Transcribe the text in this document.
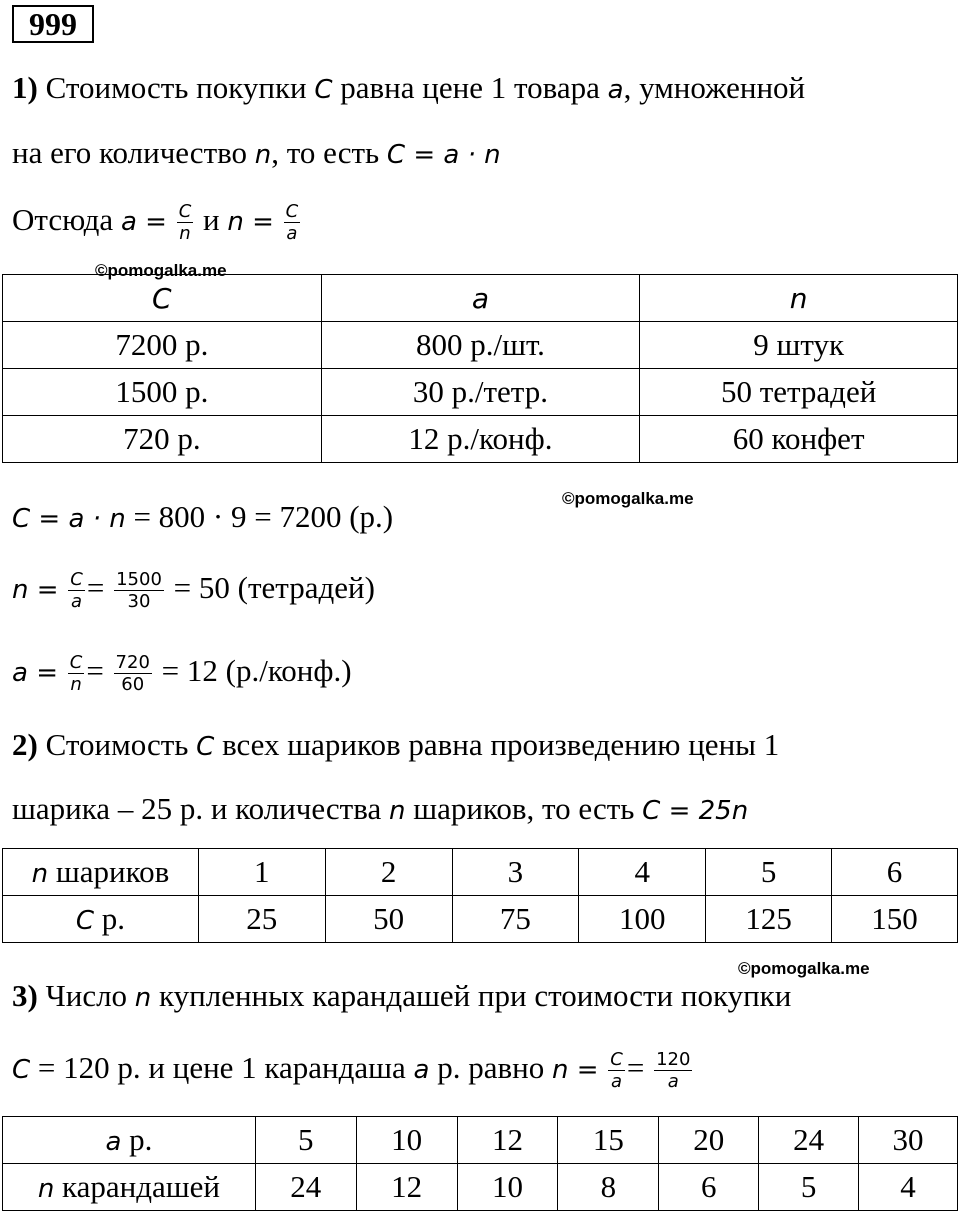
999
1) Стоимость покупки C равна цене 1 товара a, умноженной
на его количество n, то есть C = a · n
Отсюда $a = \frac{C}{n}$ и $n = \frac{C}{a}$
©pomogalka.me
C	a	n
7200 р.	800 р./шт.	9 штук
1500 р.	30 р./тетр.	50 тетрадей
720 р.	12 р./конф.	60 конфет
C = a · n = 800 · 9 = 7200 (р.)
©pomogalka.me
$n = \frac{C}{a} = \frac{1500}{30} = 50$ (тетрадей)
$a = \frac{C}{n} = \frac{720}{60} = 12$ (р./конф.)
2) Стоимость C всех шариков равна произведению цены 1
шарика – 25 р. и количества n шариков, то есть C = 25n
n шариков	1	2	3	4	5	6
C р.	25	50	75	100	125	150
©pomogalka.me
3) Число n купленных карандашей при стоимости покупки
C = 120 р. и цене 1 карандаша a р. равно $n = \frac{C}{a} = \frac{120}{a}$
a р.	5	10	12	15	20	24	30
n карандашей	24	12	10	8	6	5	4
